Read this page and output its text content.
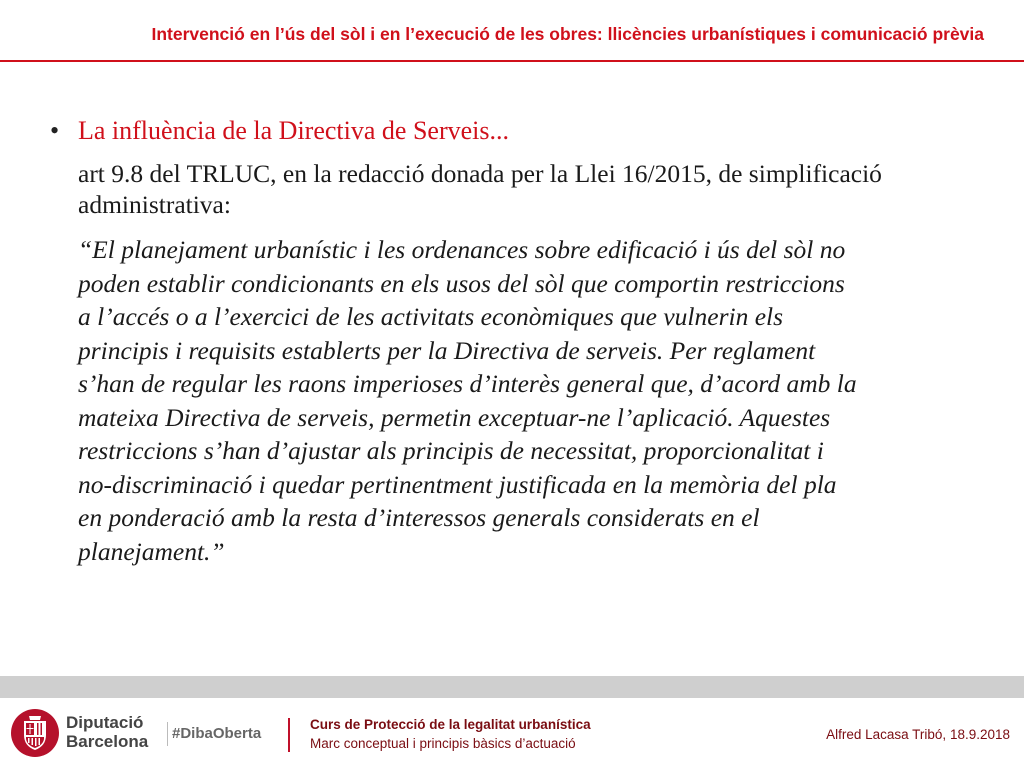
Intervenció en l’ús del sòl i en l’execució de les obres: llicències urbanístiques i comunicació prèvia
• La influència de la Directiva de Serveis...
art 9.8 del TRLUC, en la redacció donada per la Llei 16/2015, de simplificació administrativa:
“El planejament urbanístic i les ordenances sobre edificació i ús del sòl no
poden establir condicionants en els usos del sòl que comportin restriccions
a l’accés o a l’exercici de les activitats econòmiques que vulnerin els
principis i requisits establerts per la Directiva de serveis. Per reglament
s’han de regular les raons imperioses d’interès general que, d’acord amb la
mateixa Directiva de serveis, permetin exceptuar-ne l’aplicació. Aquestes
restriccions s’han d’ajustar als principis de necessitat, proporcionalitat i
no-discriminació i quedar pertinentment justificada en la memòria del pla
en ponderació amb la resta d’interessos generals considerats en el
planejament.”
Diputació
Barcelona #DibaOberta
Curs de Protecció de la legalitat urbanística
Marc conceptual i principis bàsics d’actuació
Alfred Lacasa Tribó, 18.9.2018
